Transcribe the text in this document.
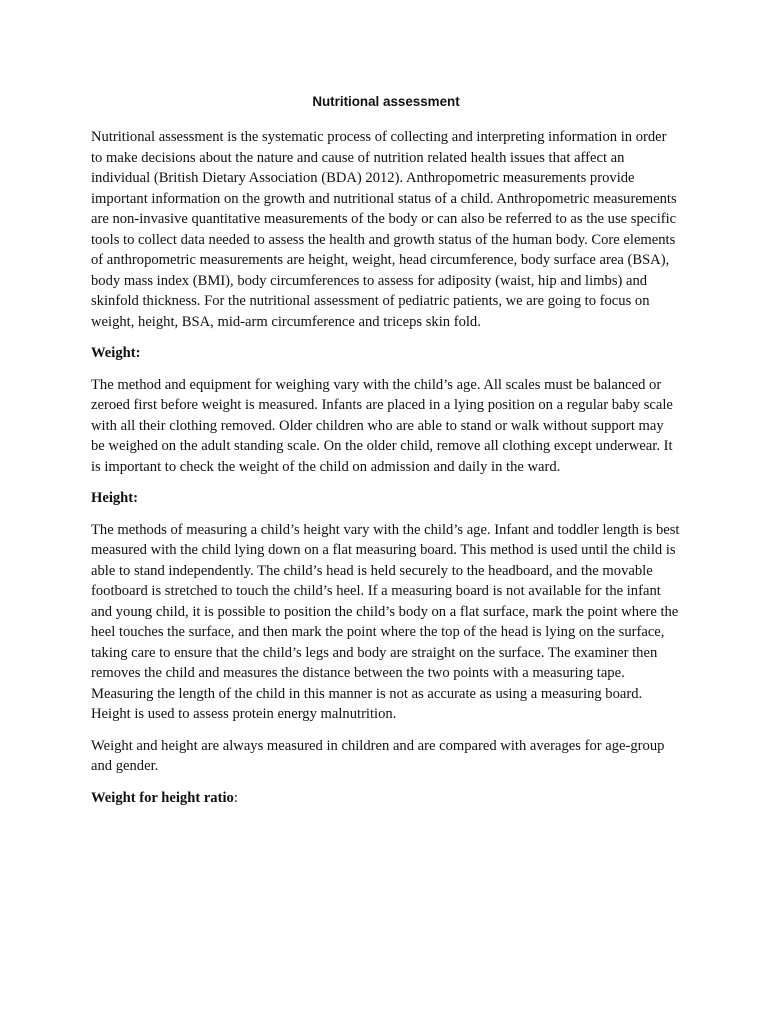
Nutritional assessment

Nutritional assessment is the systematic process of collecting and interpreting information in order to make decisions about the nature and cause of nutrition related health issues that affect an individual (British Dietary Association (BDA) 2012). Anthropometric measurements provide important information on the growth and nutritional status of a child. Anthropometric measurements are non-invasive quantitative measurements of the body or can also be referred to as the use specific tools to collect data needed to assess the health and growth status of the human body. Core elements of anthropometric measurements are height, weight, head circumference, body surface area (BSA), body mass index (BMI), body circumferences to assess for adiposity (waist, hip and limbs) and skinfold thickness. For the nutritional assessment of pediatric patients, we are going to focus on weight, height, BSA, mid-arm circumference and triceps skin fold.

Weight:

The method and equipment for weighing vary with the child’s age. All scales must be balanced or zeroed first before weight is measured. Infants are placed in a lying position on a regular baby scale with all their clothing removed. Older children who are able to stand or walk without support may be weighed on the adult standing scale. On the older child, remove all clothing except underwear. It is important to check the weight of the child on admission and daily in the ward.

Height:

The methods of measuring a child’s height vary with the child’s age. Infant and toddler length is best measured with the child lying down on a flat measuring board. This method is used until the child is able to stand independently. The child’s head is held securely to the headboard, and the movable footboard is stretched to touch the child’s heel. If a measuring board is not available for the infant and young child, it is possible to position the child’s body on a flat surface, mark the point where the heel touches the surface, and then mark the point where the top of the head is lying on the surface, taking care to ensure that the child’s legs and body are straight on the surface. The examiner then removes the child and measures the distance between the two points with a measuring tape. Measuring the length of the child in this manner is not as accurate as using a measuring board. Height is used to assess protein energy malnutrition.

Weight and height are always measured in children and are compared with averages for age-group and gender.

Weight for height ratio:
